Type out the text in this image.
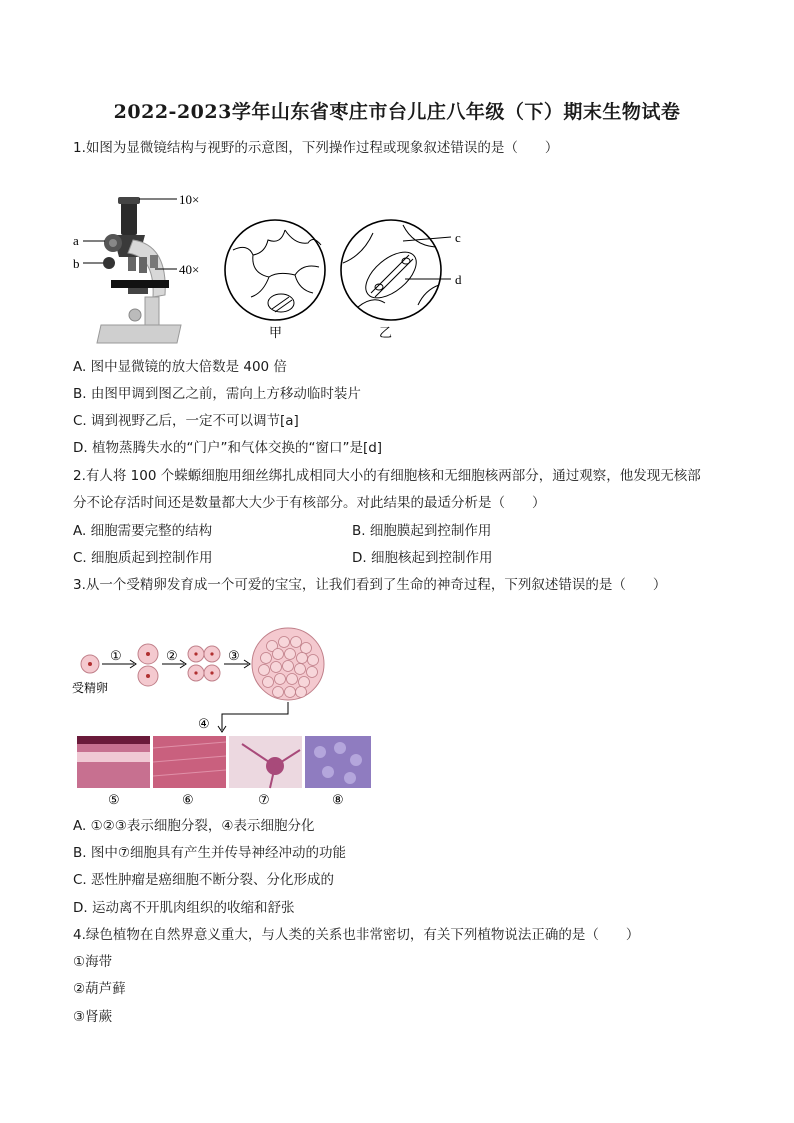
2022-2023学年山东省枣庄市台儿庄八年级（下）期末生物试卷
1.如图为显微镜结构与视野的示意图，下列操作过程或现象叙述错误的是（　　）
10×
40×
a
b
甲
c
d
乙
A. 图中显微镜的放大倍数是 400 倍
B. 由图甲调到图乙之前，需向上方移动临时装片
C. 调到视野乙后，一定不可以调节[a]
D. 植物蒸腾失水的“门户”和气体交换的“窗口”是[d]
2.有人将 100 个蝾螈细胞用细丝绑扎成相同大小的有细胞核和无细胞核两部分，通过观察，他发现无核部
分不论存活时间还是数量都大大少于有核部分。对此结果的最适分析是（　　）
A. 细胞需要完整的结构	B. 细胞膜起到控制作用
C. 细胞质起到控制作用	D. 细胞核起到控制作用
3.从一个受精卵发育成一个可爱的宝宝，让我们看到了生命的神奇过程，下列叙述错误的是（　　）
①	②	③
④
受精卵
⑤	⑥	⑦	⑧
A. ①②③表示细胞分裂，④表示细胞分化
B. 图中⑦细胞具有产生并传导神经冲动的功能
C. 恶性肿瘤是癌细胞不断分裂、分化形成的
D. 运动离不开肌肉组织的收缩和舒张
4.绿色植物在自然界意义重大，与人类的关系也非常密切，有关下列植物说法正确的是（　　）
①海带
②葫芦藓
③肾蕨
